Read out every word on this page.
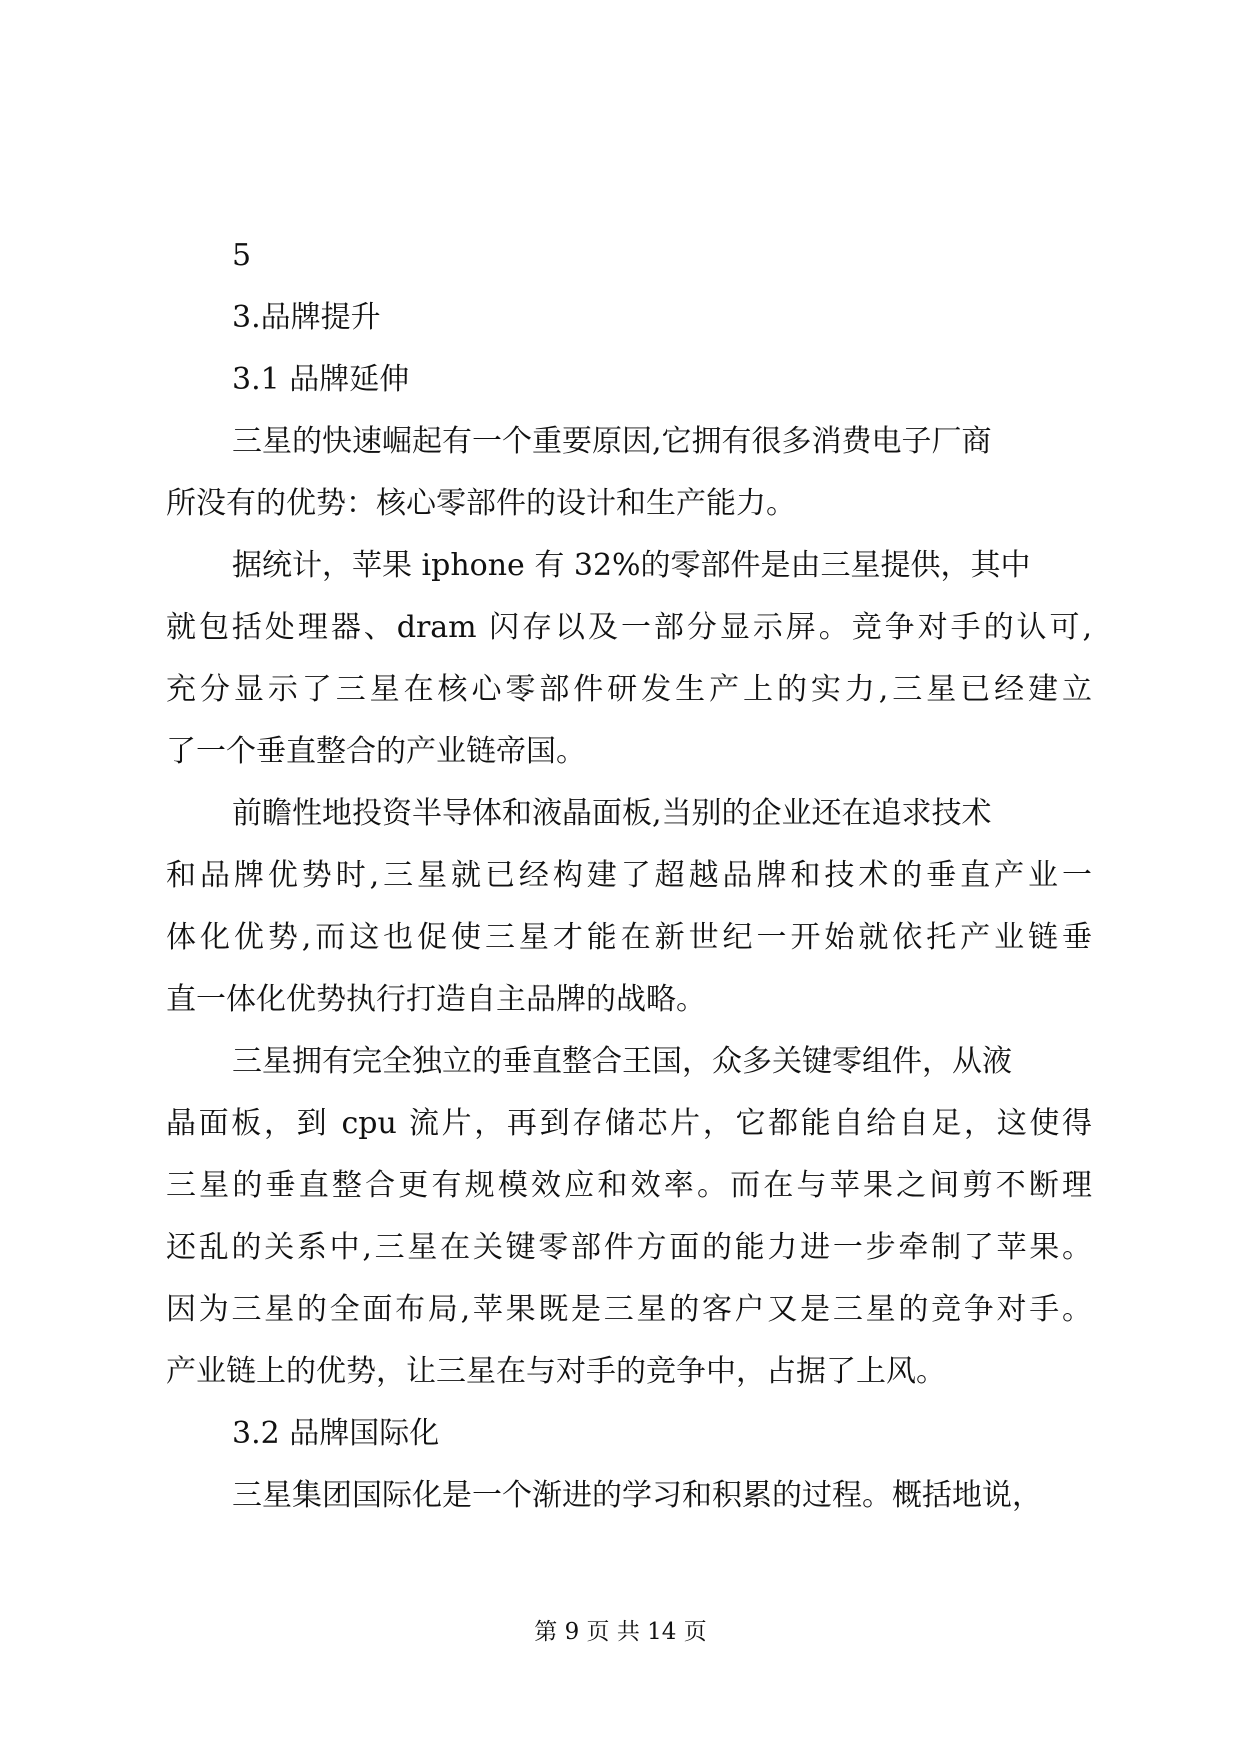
5
3.品牌提升
3.1 品牌延伸
三星的快速崛起有一个重要原因,它拥有很多消费电子厂商
所没有的优势：核心零部件的设计和生产能力。
据统计，苹果 iphone 有 32%的零部件是由三星提供，其中
就包括处理器、dram 闪存以及一部分显示屏。竞争对手的认可,
充分显示了三星在核心零部件研发生产上的实力,三星已经建立
了一个垂直整合的产业链帝国。
前瞻性地投资半导体和液晶面板,当别的企业还在追求技术
和品牌优势时,三星就已经构建了超越品牌和技术的垂直产业一
体化优势,而这也促使三星才能在新世纪一开始就依托产业链垂
直一体化优势执行打造自主品牌的战略。
三星拥有完全独立的垂直整合王国，众多关键零组件，从液
晶面板，到 cpu 流片，再到存储芯片，它都能自给自足，这使得
三星的垂直整合更有规模效应和效率。而在与苹果之间剪不断理
还乱的关系中,三星在关键零部件方面的能力进一步牵制了苹果。
因为三星的全面布局,苹果既是三星的客户又是三星的竞争对手。
产业链上的优势，让三星在与对手的竞争中，占据了上风。
3.2 品牌国际化
三星集团国际化是一个渐进的学习和积累的过程。概括地说，
第 9 页 共 14 页
